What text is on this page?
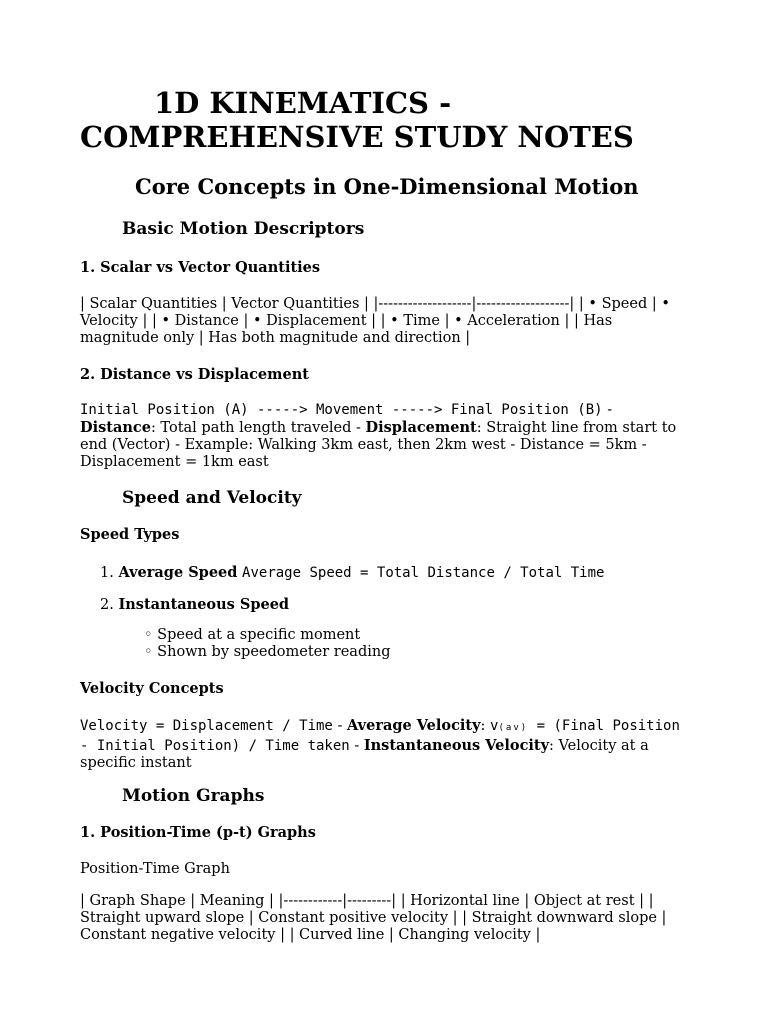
1D KINEMATICS -
COMPREHENSIVE STUDY NOTES
Core Concepts in One-Dimensional Motion
Basic Motion Descriptors
1. Scalar vs Vector Quantities

| Scalar Quantities | Vector Quantities | |-------------------|-------------------| | • Speed | • Velocity | | • Distance | • Displacement | | • Time | • Acceleration | | Has magnitude only | Has both magnitude and direction |

2. Distance vs Displacement

Initial Position (A) -----> Movement -----> Final Position (B) - Distance: Total path length traveled - Displacement: Straight line from start to end (Vector) - Example: Walking 3km east, then 2km west - Distance = 5km - Displacement = 1km east

Speed and Velocity
Speed Types
1. Average Speed Average Speed = Total Distance / Total Time
2. Instantaneous Speed
◦ Speed at a specific moment
◦ Shown by speedometer reading
Velocity Concepts

Velocity = Displacement / Time - Average Velocity: v(av) = (Final Position - Initial Position) / Time taken - Instantaneous Velocity: Velocity at a specific instant

Motion Graphs
1. Position-Time (p-t) Graphs

Position-Time Graph

| Graph Shape | Meaning | |------------|---------| | Horizontal line | Object at rest | | Straight upward slope | Constant positive velocity | | Straight downward slope | Constant negative velocity | | Curved line | Changing velocity |
